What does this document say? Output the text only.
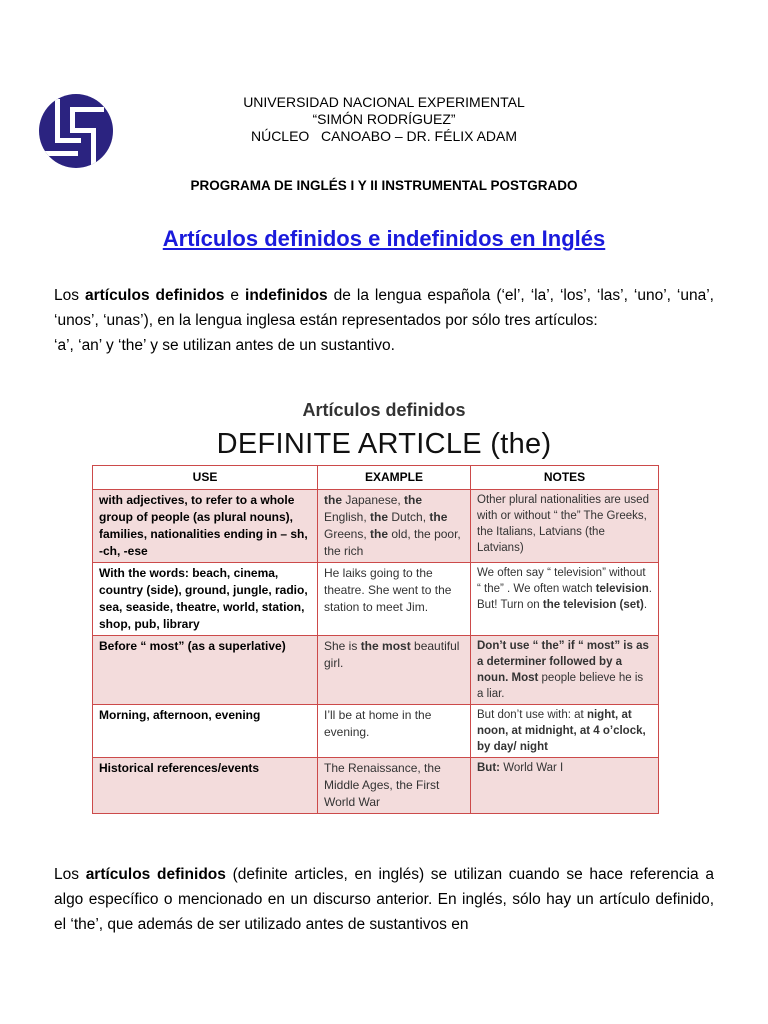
UNIVERSIDAD NACIONAL EXPERIMENTAL
“SIMÓN RODRÍGUEZ”
NÚCLEO   CANOABO – DR. FÉLIX ADAM
PROGRAMA DE INGLÉS I Y II INSTRUMENTAL POSTGRADO
Artículos definidos e indefinidos en Inglés

Los artículos definidos e indefinidos de la lengua española (‘el’, ‘la’, ‘los’, ‘las’, ‘uno’, ‘una’, ‘unos’, ‘unas’), en la lengua inglesa están representados por sólo tres artículos:

‘a’, ‘an’ y ‘the’ y se utilizan antes de un sustantivo.

Artículos definidos
DEFINITE ARTICLE (the)
USE	EXAMPLE	NOTES
with adjectives, to refer to a whole group of people (as plural nouns), families, nationalities ending in – sh, -ch, -ese	the Japanese, the English, the Dutch, the Greens, the old, the poor, the rich	Other plural nationalities are used with or without “ the” The Greeks, the Italians, Latvians (the Latvians)
With the words: beach, cinema, country (side), ground, jungle, radio, sea, seaside, theatre, world, station, shop, pub, library	He laiks going to the theatre. She went to the station to meet Jim.	We often say “ television” without “ the” . We often watch television. But! Turn on the television (set).
Before “ most” (as a superlative)	She is the most beautiful girl.	Don’t use “ the” if “ most” is as a determiner followed by a noun. Most people believe he is a liar.
Morning, afternoon, evening	I’ll be at home in the evening.	But don’t use with: at night, at noon, at midnight, at 4 o’clock, by day/ night
Historical references/events	The Renaissance, the Middle Ages, the First World War	But: World War I

Los artículos definidos (definite articles, en inglés) se utilizan cuando se hace referencia a algo específico o mencionado en un discurso anterior. En inglés, sólo hay un artículo definido, el ‘the’, que además de ser utilizado antes de sustantivos en
